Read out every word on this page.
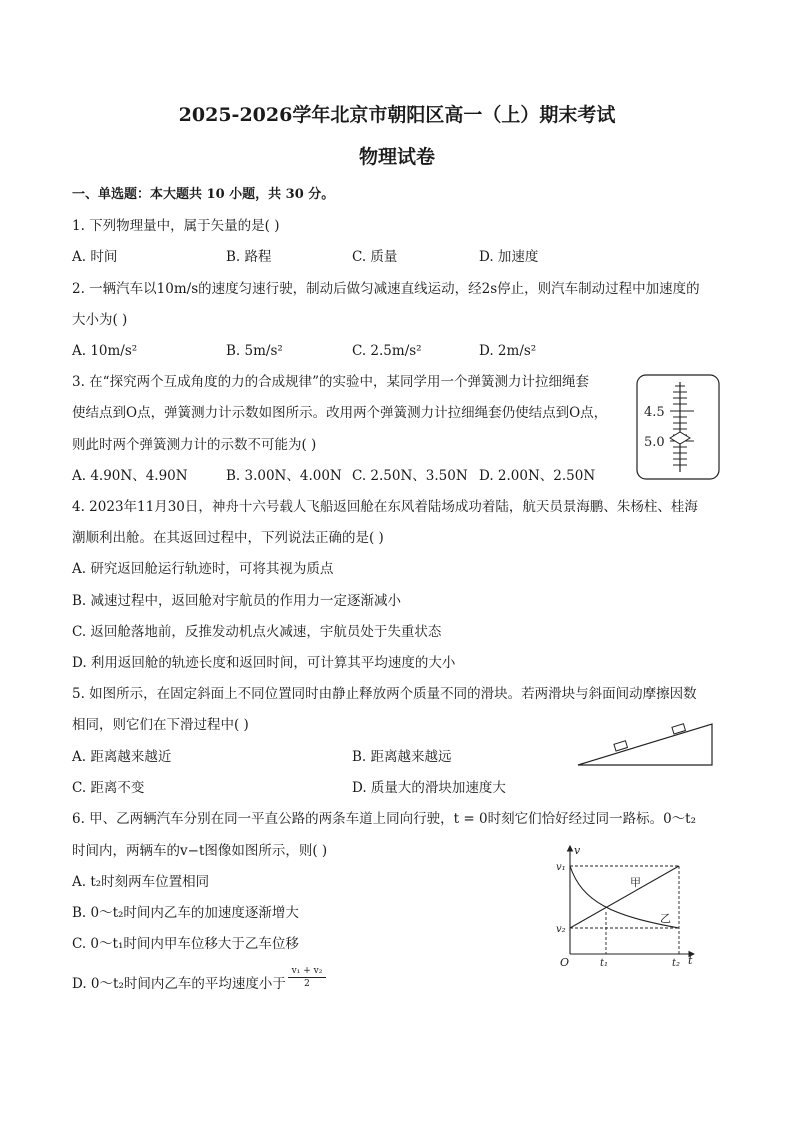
2025-2026学年北京市朝阳区高一（上）期末考试
物理试卷
一、单选题：本大题共 10 小题，共 30 分。
1. 下列物理量中，属于矢量的是( )
A. 时间	B. 路程	C. 质量	D. 加速度
2. 一辆汽车以10m/s的速度匀速行驶，制动后做匀减速直线运动，经2s停止，则汽车制动过程中加速度的
大小为( )
A. 10m/s²	B. 5m/s²	C. 2.5m/s²	D. 2m/s²
3. 在“探究两个互成角度的力的合成规律”的实验中，某同学用一个弹簧测力计拉细绳套
使结点到O点，弹簧测力计示数如图所示。改用两个弹簧测力计拉细绳套仍使结点到O点，
则此时两个弹簧测力计的示数不可能为( )
A. 4.90N、4.90N	B. 3.00N、4.00N C. 2.50N、3.50N D. 2.00N、2.50N
4.5
5.0
4. 2023年11月30日，神舟十六号载人飞船返回舱在东风着陆场成功着陆，航天员景海鹏、朱杨柱、桂海
潮顺利出舱。在其返回过程中，下列说法正确的是( )
A. 研究返回舱运行轨迹时，可将其视为质点
B. 减速过程中，返回舱对宇航员的作用力一定逐渐减小
C. 返回舱落地前，反推发动机点火减速，宇航员处于失重状态
D. 利用返回舱的轨迹长度和返回时间，可计算其平均速度的大小
5. 如图所示，在固定斜面上不同位置同时由静止释放两个质量不同的滑块。若两滑块与斜面间动摩擦因数
相同，则它们在下滑过程中( )
A. 距离越来越近	B. 距离越来越远
C. 距离不变	D. 质量大的滑块加速度大
6. 甲、乙两辆汽车分别在同一平直公路的两条车道上同向行驶，t = 0时刻它们恰好经过同一路标。0～t₂
时间内，两辆车的v−t图像如图所示，则( )
A. t₂时刻两车位置相同
B. 0～t₂时间内乙车的加速度逐渐增大
C. 0～t₁时间内甲车位移大于乙车位移
D. 0～t₂时间内乙车的平均速度小于 $\frac{\text{v₁ + v₂}}{2}$
v
t
O
v₁
v₂
t₁	t₂
甲
乙
